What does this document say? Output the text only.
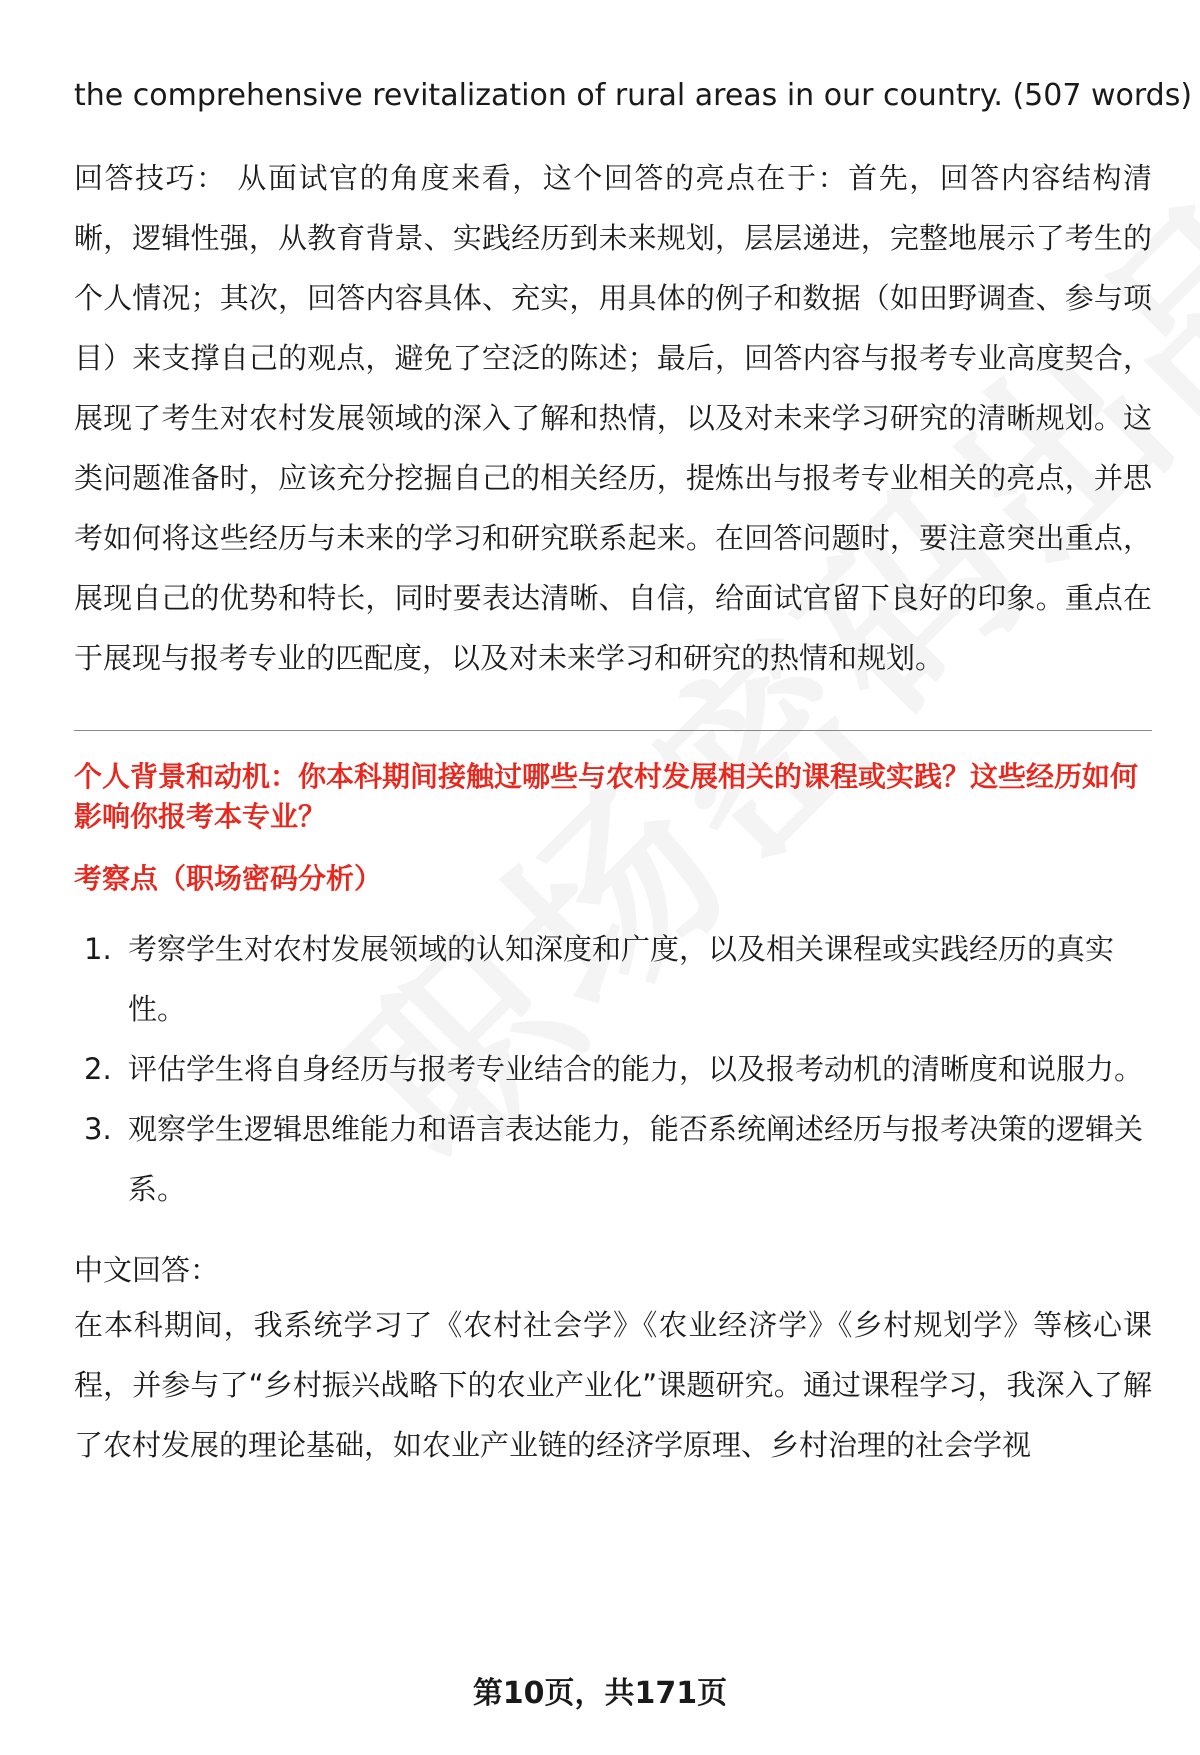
the comprehensive revitalization of rural areas in our country. (507 words)

回答技巧： 从面试官的角度来看，这个回答的亮点在于：首先，回答内容结构清晰，逻辑性强，从教育背景、实践经历到未来规划，层层递进，完整地展示了考生的个人情况；其次，回答内容具体、充实，用具体的例子和数据（如田野调查、参与项目）来支撑自己的观点，避免了空泛的陈述；最后，回答内容与报考专业高度契合，展现了考生对农村发展领域的深入了解和热情，以及对未来学习研究的清晰规划。这类问题准备时，应该充分挖掘自己的相关经历，提炼出与报考专业相关的亮点，并思考如何将这些经历与未来的学习和研究联系起来。在回答问题时，要注意突出重点，展现自己的优势和特长，同时要表达清晰、自信，给面试官留下良好的印象。重点在于展现与报考专业的匹配度，以及对未来学习和研究的热情和规划。

个人背景和动机：你本科期间接触过哪些与农村发展相关的课程或实践？这些经历如何影响你报考本专业？
考察点（职场密码分析）
1. 考察学生对农村发展领域的认知深度和广度，以及相关课程或实践经历的真实性。
2. 评估学生将自身经历与报考专业结合的能力，以及报考动机的清晰度和说服力。
3. 观察学生逻辑思维能力和语言表达能力，能否系统阐述经历与报考决策的逻辑关系。
中文回答：

在本科期间，我系统学习了《农村社会学》《农业经济学》《乡村规划学》等核心课程，并参与了“乡村振兴战略下的农业产业化”课题研究。通过课程学习，我深入了解了农村发展的理论基础，如农业产业链的经济学原理、乡村治理的社会学视

第10页，共171页
